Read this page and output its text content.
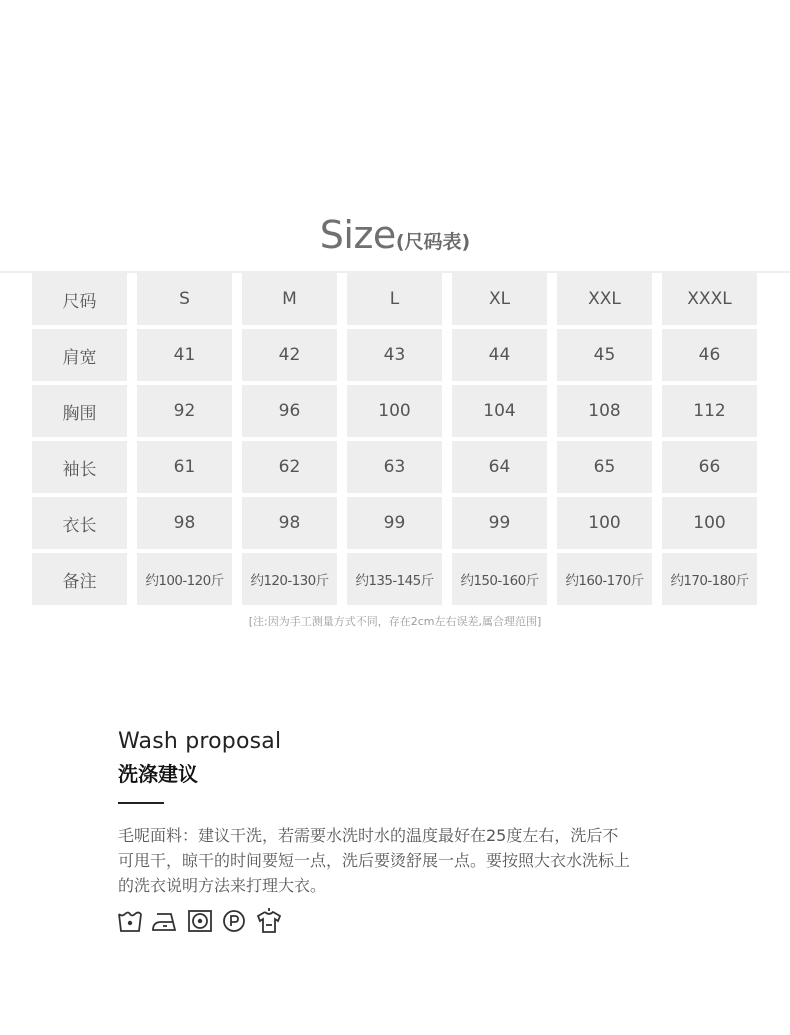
Size(尺码表)
尺码	S	M	L	XL	XXL	XXXL
肩宽	41	42	43	44	45	46
胸围	92	96	100	104	108	112
袖长	61	62	63	64	65	66
衣长	98	98	99	99	100	100
备注	约100-120斤	约120-130斤	约135-145斤	约150-160斤	约160-170斤	约170-180斤
[注:因为手工测量方式不同，存在2cm左右误差,属合理范围]
Wash proposal
洗涤建议
毛呢面料：建议干洗，若需要水洗时水的温度最好在25度左右，洗后不
可甩干，晾干的时间要短一点，洗后要烫舒展一点。要按照大衣水洗标上
的洗衣说明方法来打理大衣。
